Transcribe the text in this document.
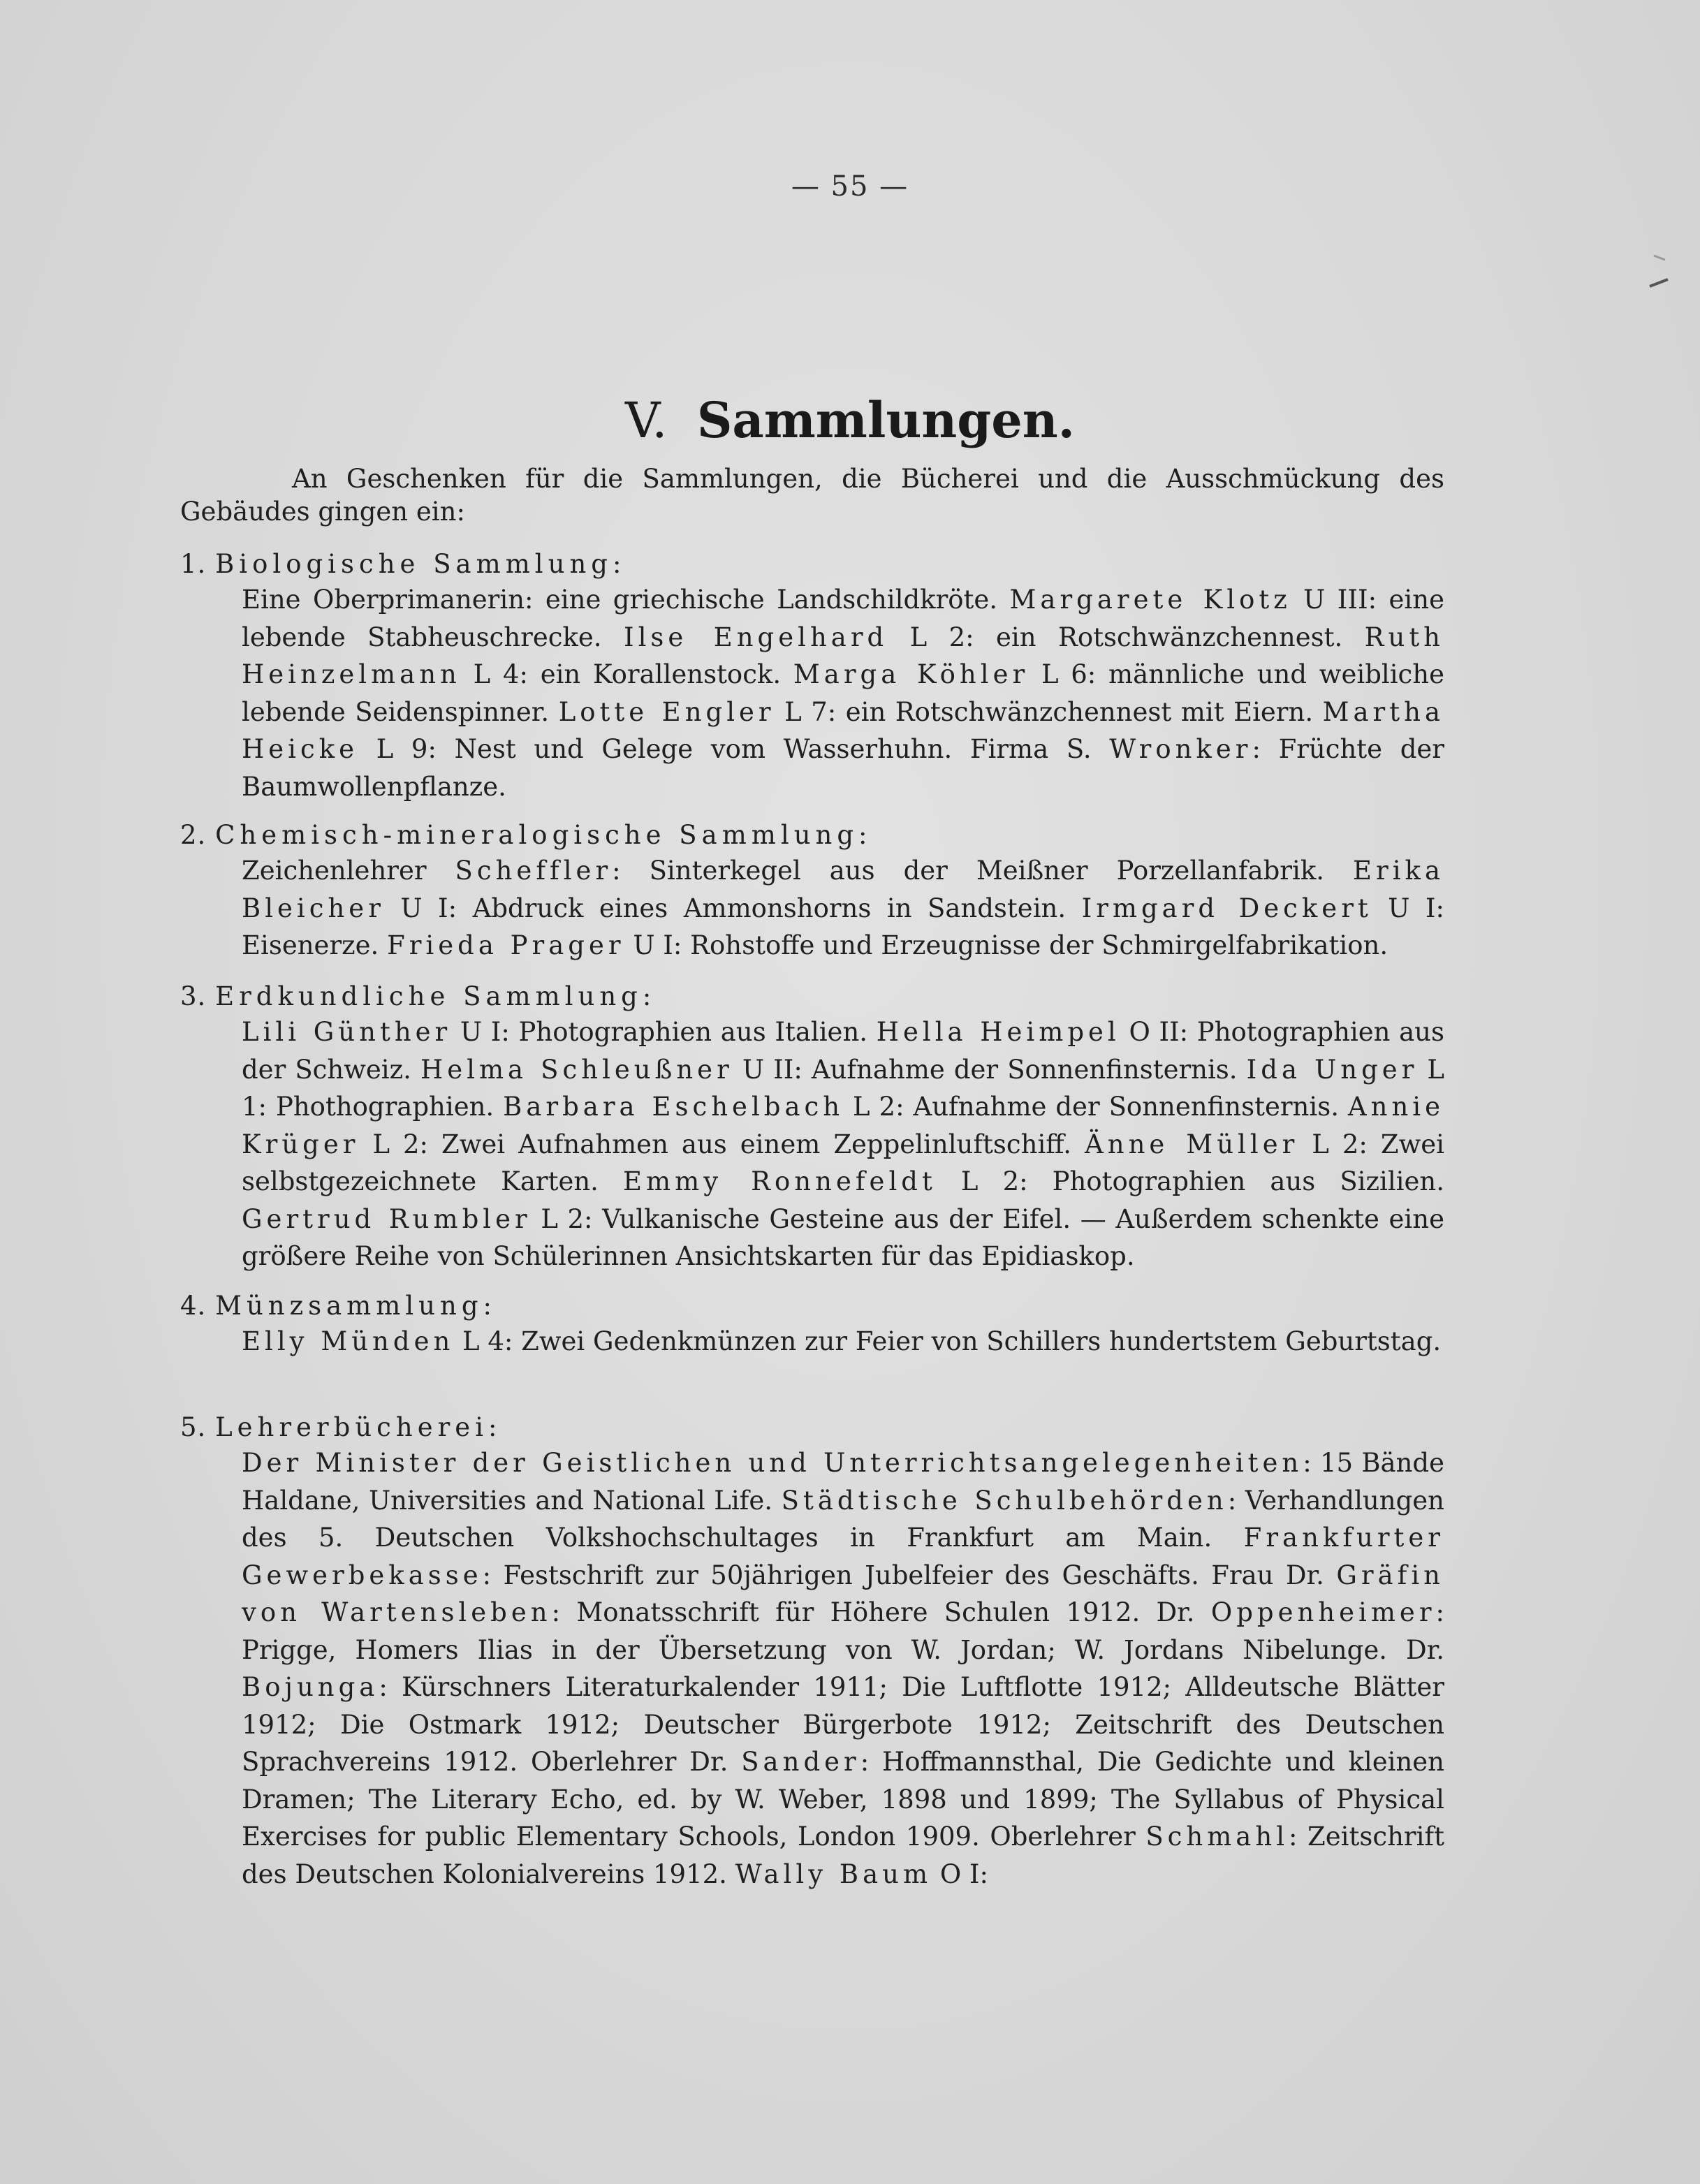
— 55 —
V. Sammlungen.
An Geschenken für die Sammlungen, die Bücherei und die Ausschmückung des Gebäudes gingen ein:
1. Biologische Sammlung:
Eine Oberprimanerin: eine griechische Landschildkröte. Margarete Klotz U III: eine lebende Stabheuschrecke. Ilse Engelhard L 2: ein Rotschwänzchennest. Ruth Heinzelmann L 4: ein Korallenstock. Marga Köhler L 6: männliche und weibliche lebende Seidenspinner. Lotte Engler L 7: ein Rotschwänzchennest mit Eiern. Martha Heicke L 9: Nest und Gelege vom Wasserhuhn. Firma S. Wronker: Früchte der Baumwollenpflanze.
2. Chemisch-mineralogische Sammlung:
Zeichenlehrer Scheffler: Sinterkegel aus der Meißner Porzellanfabrik. Erika Bleicher U I: Abdruck eines Ammonshorns in Sandstein. Irmgard Deckert U I: Eisenerze. Frieda Prager U I: Rohstoffe und Erzeugnisse der Schmirgelfabrikation.
3. Erdkundliche Sammlung:
Lili Günther U I: Photographien aus Italien. Hella Heimpel O II: Photographien aus der Schweiz. Helma Schleußner U II: Aufnahme der Sonnenfinsternis. Ida Unger L 1: Phothographien. Barbara Eschelbach L 2: Aufnahme der Sonnenfinsternis. Annie Krüger L 2: Zwei Aufnahmen aus einem Zeppelinluftschiff. Änne Müller L 2: Zwei selbstgezeichnete Karten. Emmy Ronnefeldt L 2: Photographien aus Sizilien. Gertrud Rumbler L 2: Vulkanische Gesteine aus der Eifel. — Außerdem schenkte eine größere Reihe von Schülerinnen Ansichtskarten für das Epidiaskop.
4. Münzsammlung:
Elly Münden L 4: Zwei Gedenkmünzen zur Feier von Schillers hundertstem Geburtstag.
5. Lehrerbücherei:
Der Minister der Geistlichen und Unterrichtsangelegenheiten: 15 Bände Haldane, Universities and National Life. Städtische Schulbehörden: Verhandlungen des 5. Deutschen Volkshochschultages in Frankfurt am Main. Frankfurter Gewerbekasse: Festschrift zur 50jährigen Jubelfeier des Geschäfts. Frau Dr. Gräfin von Wartensleben: Monatsschrift für Höhere Schulen 1912. Dr. Oppenheimer: Prigge, Homers Ilias in der Übersetzung von W. Jordan; W. Jordans Nibelunge. Dr. Bojunga: Kürschners Literaturkalender 1911; Die Luftflotte 1912; Alldeutsche Blätter 1912; Die Ostmark 1912; Deutscher Bürgerbote 1912; Zeitschrift des Deutschen Sprachvereins 1912. Oberlehrer Dr. Sander: Hoffmannsthal, Die Gedichte und kleinen Dramen; The Literary Echo, ed. by W. Weber, 1898 und 1899; The Syllabus of Physical Exercises for public Elementary Schools, London 1909. Oberlehrer Schmahl: Zeitschrift des Deutschen Kolonialvereins 1912. Wally Baum O I:
